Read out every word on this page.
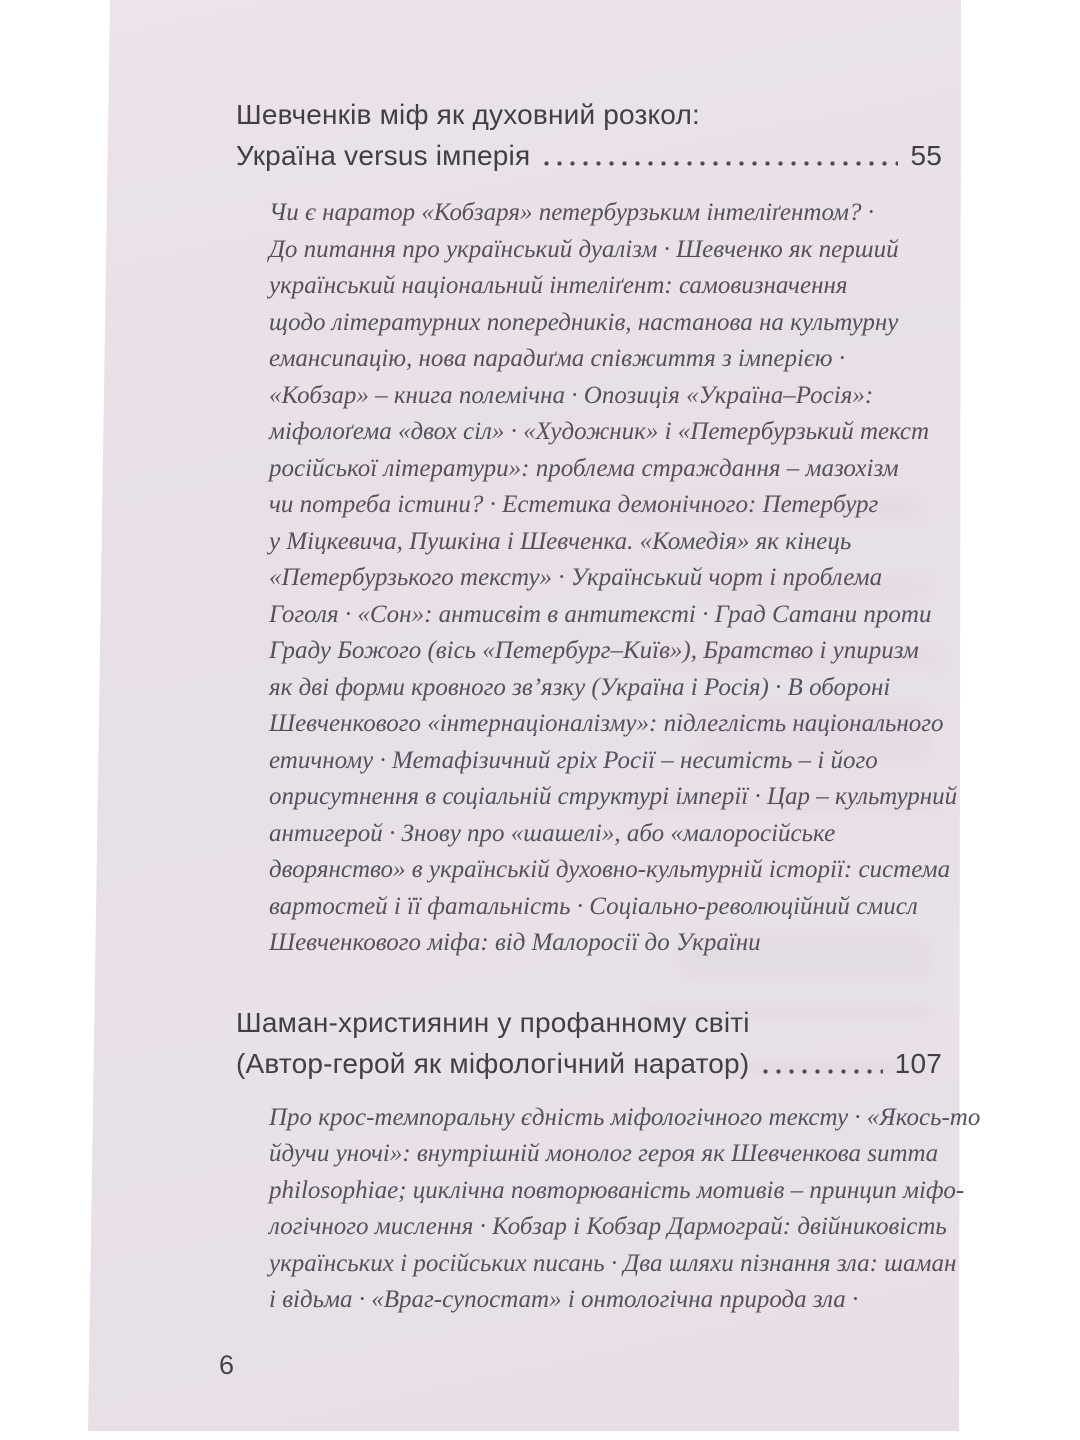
Шевченків міф як духовний розкол:
Україна versus імперія	55
Чи є наратор «Кобзаря» петербурзьким інтеліґентом? ·
До питання про український дуалізм · Шевченко як перший
український національний інтеліґент: самовизначення
щодо літературних попередників, настанова на культурну
емансипацію, нова парадиґма співжиття з імперією ·
«Кобзар» – книга полемічна · Опозиція «Україна–Росія»:
міфолоґема «двох сіл» · «Художник» і «Петербурзький текст
російської літератури»: проблема страждання – мазохізм
чи потреба істини? · Естетика демонічного: Петербург
у Міцкевича, Пушкіна і Шевченка. «Комедія» як кінець
«Петербурзького тексту» · Український чорт і проблема
Гоголя · «Сон»: антисвіт в антитексті · Град Сатани проти
Граду Божого (вісь «Петербург–Київ»), Братство і упиризм
як дві форми кровного зв’язку (Україна і Росія) · В обороні
Шевченкового «інтернаціоналізму»: підлеглість національного
етичному · Метафізичний гріх Росії – неситість – і його
оприсутнення в соціальній структурі імперії · Цар – культурний
антигерой · Знову про «шашелі», або «малоросійське
дворянство» в українській духовно-культурній історії: система
вартостей і її фатальність · Соціально-революційний смисл
Шевченкового міфа: від Малоросії до України
Шаман-християнин у профанному світі
(Автор-герой як міфологічний наратор)	107
Про крос-темпоральну єдність міфологічного тексту · «Якось-то
йдучи уночі»: внутрішній монолог героя як Шевченкова summa
philosophiae; циклічна повторюваність мотивів – принцип міфо-
логічного мислення · Кобзар і Кобзар Дармограй: двійниковість
українських і російських писань · Два шляхи пізнання зла: шаман
і відьма · «Враг-супостат» і онтологічна природа зла ·
6
